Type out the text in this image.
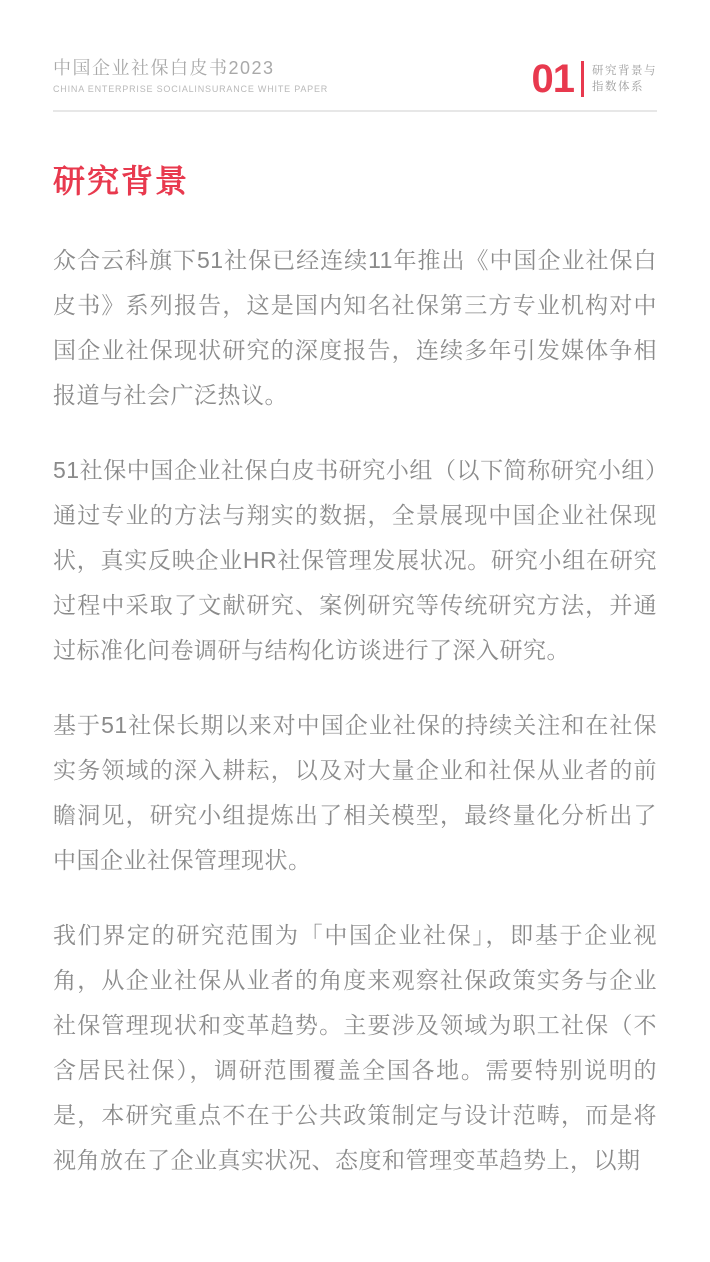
中国企业社保白皮书2023
CHINA ENTERPRISE SOCIALINSURANCE WHITE PAPER	01 研究背景与
指数体系
研究背景

众合云科旗下51社保已经连续11年推出《中国企业社保白皮书》系列报告，这是国内知名社保第三方专业机构对中国企业社保现状研究的深度报告，连续多年引发媒体争相报道与社会广泛热议。

51社保中国企业社保白皮书研究小组（以下简称研究小组）通过专业的方法与翔实的数据，全景展现中国企业社保现状，真实反映企业HR社保管理发展状况。研究小组在研究过程中采取了文献研究、案例研究等传统研究方法，并通过标准化问卷调研与结构化访谈进行了深入研究。

基于51社保长期以来对中国企业社保的持续关注和在社保实务领域的深入耕耘，以及对大量企业和社保从业者的前瞻洞见，研究小组提炼出了相关模型，最终量化分析出了中国企业社保管理现状。

我们界定的研究范围为「中国企业社保」，即基于企业视角，从企业社保从业者的角度来观察社保政策实务与企业社保管理现状和变革趋势。主要涉及领域为职工社保（不含居民社保），调研范围覆盖全国各地。需要特别说明的是，本研究重点不在于公共政策制定与设计范畴，而是将视角放在了企业真实状况、态度和管理变革趋势上，以期
